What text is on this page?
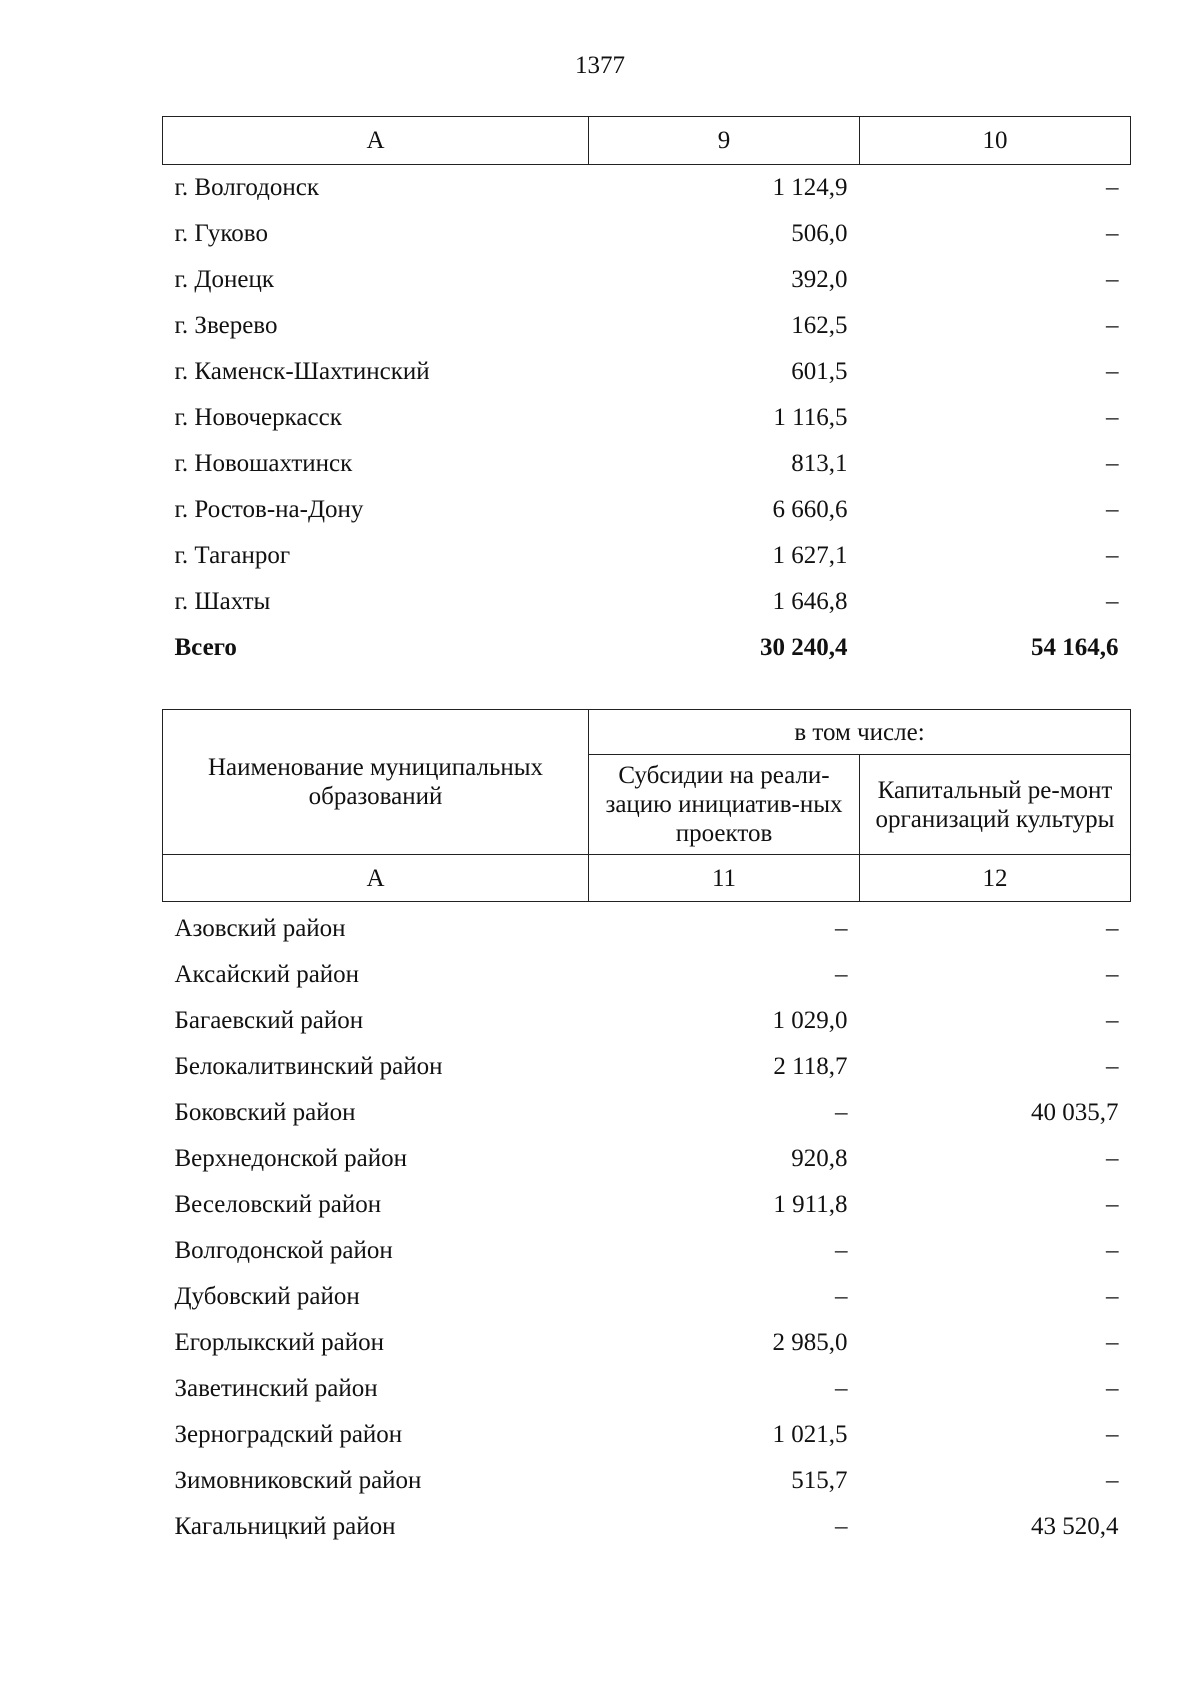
1377
А	9	10
г. Волгодонск	1 124,9	–
г. Гуково	506,0	–
г. Донецк	392,0	–
г. Зверево	162,5	–
г. Каменск-Шахтинский	601,5	–
г. Новочеркасск	1 116,5	–
г. Новошахтинск	813,1	–
г. Ростов-на-Дону	6 660,6	–
г. Таганрог	1 627,1	–
г. Шахты	1 646,8	–
Всего	30 240,4	54 164,6
Наименование муниципальных образований	в том числе:	
	Субсидии на реали-зацию инициатив-ных проектов	Капитальный ре-монт организаций культуры
А	11	12
Азовский район	–	–
Аксайский район	–	–
Багаевский район	1 029,0	–
Белокалитвинский район	2 118,7	–
Боковский район	–	40 035,7
Верхнедонской район	920,8	–
Веселовский район	1 911,8	–
Волгодонской район	–	–
Дубовский район	–	–
Егорлыкский район	2 985,0	–
Заветинский район	–	–
Зерноградский район	1 021,5	–
Зимовниковский район	515,7	–
Кагальницкий район	–	43 520,4
